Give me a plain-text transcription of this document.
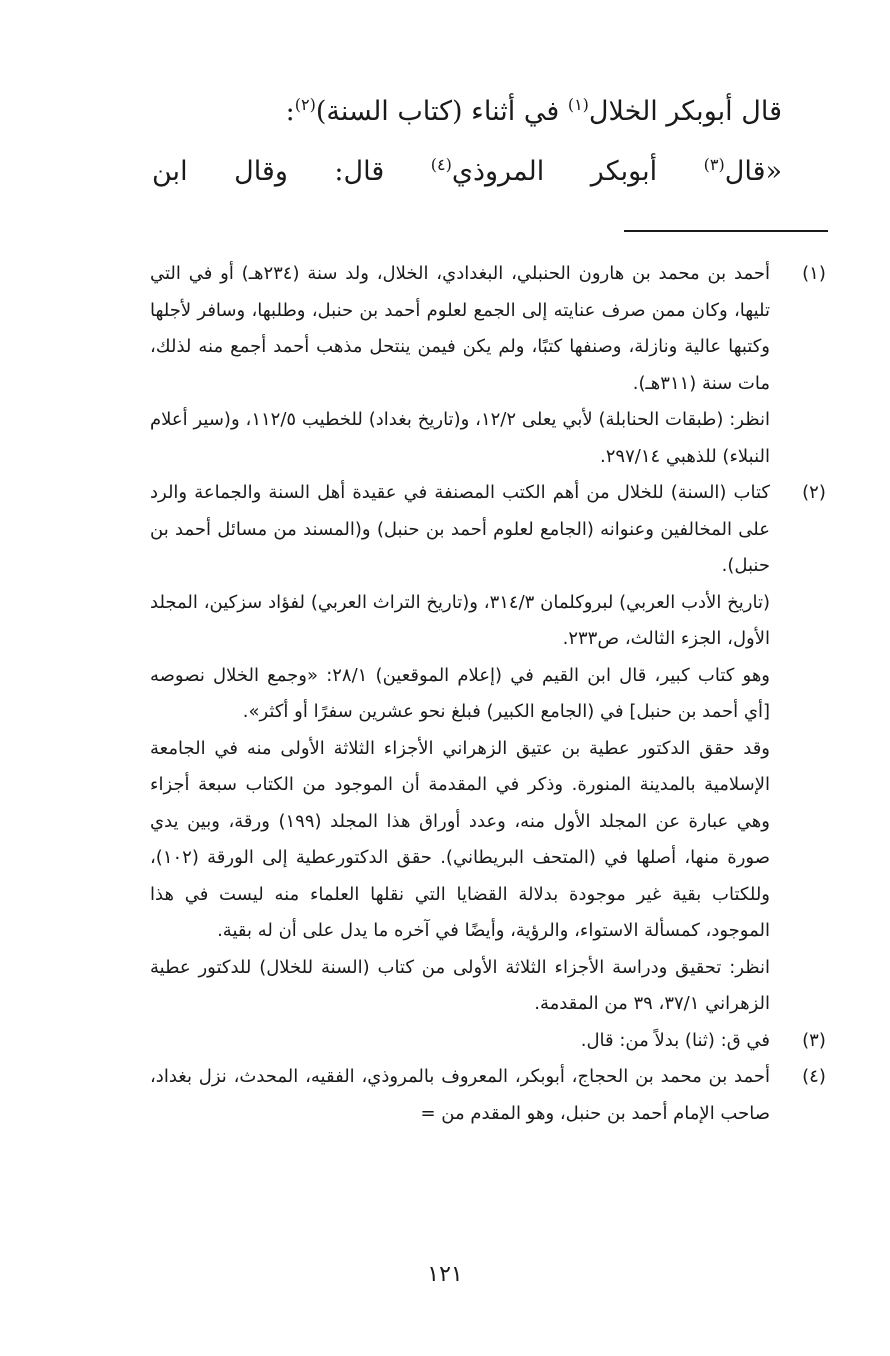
قال أبوبكر الخلال$^{(١)}$ في أثناء (كتاب السنة)$^{(٢)}$:
«قال$^{(٣)}$ أبوبكر المروذي$^{(٤)}$ قال: وقال ابن
(١)

أحمد بن محمد بن هارون الحنبلي، البغدادي، الخلال، ولد سنة (٢٣٤هـ) أو في التي تليها، وكان ممن صرف عنايته إلى الجمع لعلوم أحمد بن حنبل، وطلبها، وسافر لأجلها وكتبها عالية ونازلة، وصنفها كتبًا، ولم يكن فيمن ينتحل مذهب أحمد أجمع منه لذلك، مات سنة (٣١١هـ).

انظر: (طبقات الحنابلة) لأبي يعلى ١٢/٢، و(تاريخ بغداد) للخطيب ١١٢/٥، و(سير أعلام النبلاء) للذهبي ٢٩٧/١٤.

(٢)

كتاب (السنة) للخلال من أهم الكتب المصنفة في عقيدة أهل السنة والجماعة والرد على المخالفين وعنوانه (الجامع لعلوم أحمد بن حنبل) و(المسند من مسائل أحمد بن حنبل).

(تاريخ الأدب العربي) لبروكلمان ٣١٤/٣، و(تاريخ التراث العربي) لفؤاد سزكين، المجلد الأول، الجزء الثالث، ص٢٣٣.

وهو كتاب كبير، قال ابن القيم في (إعلام الموقعين) ٢٨/١: «وجمع الخلال نصوصه [أي أحمد بن حنبل] في (الجامع الكبير) فبلغ نحو عشرين سفرًا أو أكثر».

وقد حقق الدكتور عطية بن عتيق الزهراني الأجزاء الثلاثة الأولى منه في الجامعة الإسلامية بالمدينة المنورة. وذكر في المقدمة أن الموجود من الكتاب سبعة أجزاء وهي عبارة عن المجلد الأول منه، وعدد أوراق هذا المجلد (١٩٩) ورقة، وبين يدي صورة منها، أصلها في (المتحف البريطاني). حقق الدكتورعطية إلى الورقة (١٠٢)، وللكتاب بقية غير موجودة بدلالة القضايا التي نقلها العلماء منه ليست في هذا الموجود، كمسألة الاستواء، والرؤية، وأيضًا في آخره ما يدل على أن له بقية.

انظر: تحقيق ودراسة الأجزاء الثلاثة الأولى من كتاب (السنة للخلال) للدكتور عطية الزهراني ٣٧/١، ٣٩ من المقدمة.

(٣)

في ق: (ثنا) بدلاً من: قال.

(٤)

أحمد بن محمد بن الحجاج، أبوبكر، المعروف بالمروذي، الفقيه، المحدث، نزل بغداد، صاحب الإمام أحمد بن حنبل، وهو المقدم من =

١٢١
